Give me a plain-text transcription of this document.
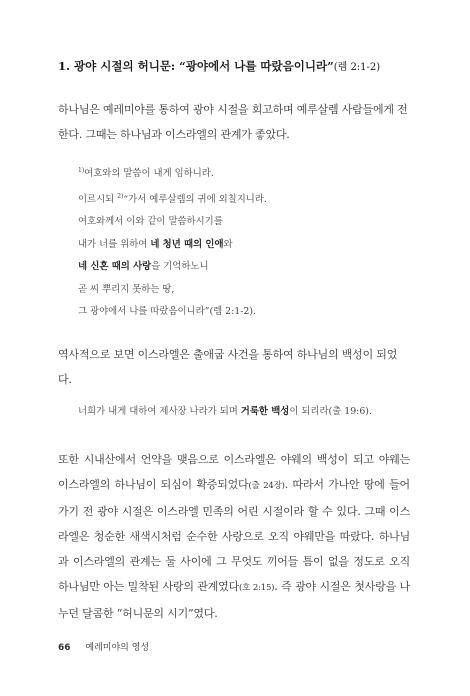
1. 광야 시절의 허니문: “광야에서 나를 따랐음이니라”(렘 2:1-2)
하나님은 예레미야를 통하여 광야 시절을 회고하며 예루살렘 사람들에게 전한다. 그때는 하나님과 이스라엘의 관계가 좋았다.
$^{1)}$여호와의 말씀이 내게 임하니라.
이르시되 $^{2)}$“가서 예루살렘의 귀에 외칠지니라.
여호와께서 이와 같이 말씀하시기를
내가 너를 위하여 네 청년 때의 인애와
네 신혼 때의 사랑을 기억하노니
곧 씨 뿌리지 못하는 땅,
그 광야에서 나를 따랐음이니라”(렘 2:1-2).
역사적으로 보면 이스라엘은 출애굽 사건을 통하여 하나님의 백성이 되었다.
너희가 내게 대하여 제사장 나라가 되며 거룩한 백성이 되리라(출 19:6).
또한 시내산에서 언약을 맺음으로 이스라엘은 야웨의 백성이 되고 야웨는 이스라엘의 하나님이 되심이 확증되었다(출 24장). 따라서 가나안 땅에 들어가기 전 광야 시절은 이스라엘 민족의 어린 시절이라 할 수 있다. 그때 이스라엘은 청순한 새색시처럼 순수한 사랑으로 오직 야웨만을 따랐다. 하나님과 이스라엘의 관계는 둘 사이에 그 무엇도 끼어들 틈이 없을 정도로 오직 하나님만 아는 밀착된 사랑의 관계였다(호 2:15). 즉 광야 시절은 첫사랑을 나누던 달콤한 “허니문의 시기”였다.
66 예레미야의 영성
